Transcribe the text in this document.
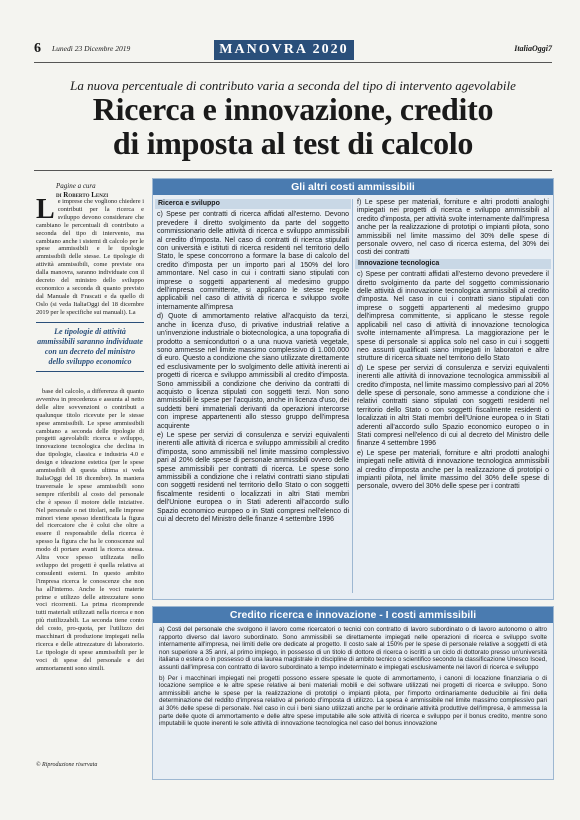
6 Lunedì 23 Dicembre 2019	MANOVRA 2020	ItaliaOggi7
La nuova percentuale di contributo varia a seconda del tipo di intervento agevolabile
Ricerca e innovazione, credito
di imposta al test di calcolo
Pagine a cura
di Roberto Lenzi
L e imprese che vogliono chiedere i contributi per la ricerca e sviluppo devono considerare che cambiano le percentuali di contributo a seconda del tipo di intervento, ma cambiano anche i sistemi di calcolo per le spese ammissibili e le tipologie ammissibili delle stesse. Le tipologie di attività ammissibili, come previste ora dalla manovra, saranno individuate con il decreto del ministro dello sviluppo economico a seconda di quanto previsto dal Manuale di Frascati e da quello di Oslo (si veda ItaliaOggi del 18 dicembre 2019 per le specifiche sui manuali). La
Le tipologie di attività ammissibili saranno individuate con un decreto del ministro dello sviluppo economico

base del calcolo, a differenza di quanto avveniva in precedenza e assunta al netto delle altre sovvenzioni o contributi a qualunque titolo ricevute per le stesse spese ammissibili. Le spese ammissibili cambiano a seconda delle tipologie di progetti agevolabili: ricerca e sviluppo, innovazione tecnologica che declina in due tipologie, classica e industria 4.0 e design e ideazione estetica (per le spese ammissibili di questa ultima si veda ItaliaOggi del 18 dicembre). In maniera trasversale le spese ammissibili sono sempre riferibili al costo del personale che è spesso il motore delle iniziative. Nel personale o nei titolari, nelle imprese minori viene spesso identificata la figura del ricercatore che è colui che oltre a essere il responsabile della ricerca è spesso la figura che ha le conoscenze sul modo di portare avanti la ricerca stessa. Altra voce spesso utilizzata nello sviluppo dei progetti è quella relativa ai consulenti esterni. In questo ambito l'impresa ricerca le conoscenze che non ha all'interno. Anche le voci materie prime e utilizzo delle attrezzature sono voci ricorrenti. La prima ricomprende tutti materiali utilizzati nella ricerca e non più riutilizzabili. La seconda tiene conto del costo, pro-quota, per l'utilizzo dei macchinari di produzione impiegati nella ricerca e delle attrezzature di laboratorio. Le tipologie di spese ammissibili per le voci di spese del personale e dei ammortamenti sono simili.

© Riproduzione riservata
Gli altri costi ammissibili
Ricerca e sviluppo

c) Spese per contratti di ricerca affidati all'esterno. Devono prevedere il diretto svolgimento da parte del soggetto commissionario delle attività di ricerca e sviluppo ammissibili al credito d'imposta. Nel caso di contratti di ricerca stipulati con università e istituti di ricerca residenti nel territorio dello Stato, le spese concorrono a formare la base di calcolo del credito d'imposta per un importo pari al 150% del loro ammontare. Nel caso in cui i contratti siano stipulati con imprese o soggetti appartenenti al medesimo gruppo dell'impresa committente, si applicano le stesse regole applicabili nel caso di attività di ricerca e sviluppo svolte internamente all'impresa

d) Quote di ammortamento relative all'acquisto da terzi, anche in licenza d'uso, di privative industriali relative a un'invenzione industriale o biotecnologica, a una topografia di prodotto a semiconduttori o a una nuova varietà vegetale, sono ammesse nel limite massimo complessivo di 1.000.000 di euro. Questo a condizione che siano utilizzate direttamente ed esclusivamente per lo svolgimento delle attività inerenti ai progetti di ricerca e sviluppo ammissibili al credito d'imposta. Sono ammissibili a condizione che derivino da contratti di acquisto o licenza stipulati con soggetti terzi. Non sono ammissibili le spese per l'acquisto, anche in licenza d'uso, dei suddetti beni immateriali derivanti da operazioni intercorse con imprese appartenenti allo stesso gruppo dell'impresa acquirente

e) Le spese per servizi di consulenza e servizi equivalenti inerenti alle attività di ricerca e sviluppo ammissibili al credito d'imposta, sono ammissibili nel limite massimo complessivo pari al 20% delle spese di personale ammissibili ovvero delle spese ammissibili per contratti di ricerca. Le spese sono ammissibili a condizione che i relativi contratti siano stipulati con soggetti residenti nel territorio dello Stato o con soggetti fiscalmente residenti o localizzati in altri Stati membri dell'Unione europea o in Stati aderenti all'accordo sullo Spazio economico europeo o in Stati compresi nell'elenco di cui al decreto del Ministro delle finanze 4 settembre 1996

f) Le spese per materiali, forniture e altri prodotti analoghi impiegati nei progetti di ricerca e sviluppo ammissibili al credito d'imposta, per attività svolte internamente dall'impresa anche per la realizzazione di prototipi o impianti pilota, sono ammissibili nel limite massimo del 30% delle spese di personale ovvero, nel caso di ricerca esterna, del 30% dei costi dei contratti

Innovazione tecnologica

c) Spese per contratti affidati all'esterno devono prevedere il diretto svolgimento da parte del soggetto commissionario delle attività di innovazione tecnologica ammissibili al credito d'imposta. Nel caso in cui i contratti siano stipulati con imprese o soggetti appartenenti al medesimo gruppo dell'impresa committente, si applicano le stesse regole applicabili nel caso di attività di innovazione tecnologica svolte internamente all'impresa. La maggiorazione per le spese di personale si applica solo nel caso in cui i soggetti neo assunti qualificati siano impiegati in laboratori e altre strutture di ricerca situate nel territorio dello Stato

d) Le spese per servizi di consulenza e servizi equivalenti inerenti alle attività di innovazione tecnologica ammissibili al credito d'imposta, nel limite massimo complessivo pari al 20% delle spese di personale, sono ammesse a condizione che i relativi contratti siano stipulati con soggetti residenti nel territorio dello Stato o con soggetti fiscalmente residenti o localizzati in altri Stati membri dell'Unione europea o in Stati aderenti all'accordo sullo Spazio economico europeo o in Stati compresi nell'elenco di cui al decreto del Ministro delle finanze 4 settembre 1996

e) Le spese per materiali, forniture e altri prodotti analoghi impiegati nelle attività di innovazione tecnologica ammissibili al credito d'imposta anche per la realizzazione di prototipi o impianti pilota, nel limite massimo del 30% delle spese di personale, ovvero del 30% delle spese per i contratti

Credito ricerca e innovazione - I costi ammissibili

a) Costi del personale che svolgono il lavoro come ricercatori o tecnici con contratto di lavoro subordinato o di lavoro autonomo o altro rapporto diverso dal lavoro subordinato. Sono ammissibili se direttamente impiegati nelle operazioni di ricerca e sviluppo svolte internamente all'impresa, nei limiti delle ore dedicate al progetto. Il costo sale al 150% per le spese di personale relative a soggetti di età non superiore a 35 anni, al primo impiego, in possesso di un titolo di dottore di ricerca o iscritti a un ciclo di dottorato presso un'università italiana o estera o in possesso di una laurea magistrale in discipline di ambito tecnico o scientifico secondo la classificazione Unesco Isced, assunti dall'impresa con contratto di lavoro subordinato a tempo indeterminato e impiegati esclusivamente nei lavori di ricerca e sviluppo

b) Per i macchinari impiegati nei progetti possono essere spesate le quote di ammortamento, i canoni di locazione finanziaria o di locazione semplice e le altre spese relative ai beni materiali mobili e dei software utilizzati nei progetti di ricerca e sviluppo. Sono ammissibili anche le spese per la realizzazione di prototipi o impianti pilota, per l'importo ordinariamente deducibile ai fini della determinazione del reddito d'impresa relativo al periodo d'imposta di utilizzo. La spesa è ammissibile nel limite massimo complessivo pari al 30% delle spese di personale. Nel caso in cui i beni siano utilizzati anche per le ordinarie attività produttive dell'impresa, è ammessa la parte delle quote di ammortamento e delle altre spese imputabile alle sole attività di ricerca e sviluppo per il bonus credito, mentre sono imputabili le quote inerenti le sole attività di innovazione tecnologica nel caso del bonus innovazione
